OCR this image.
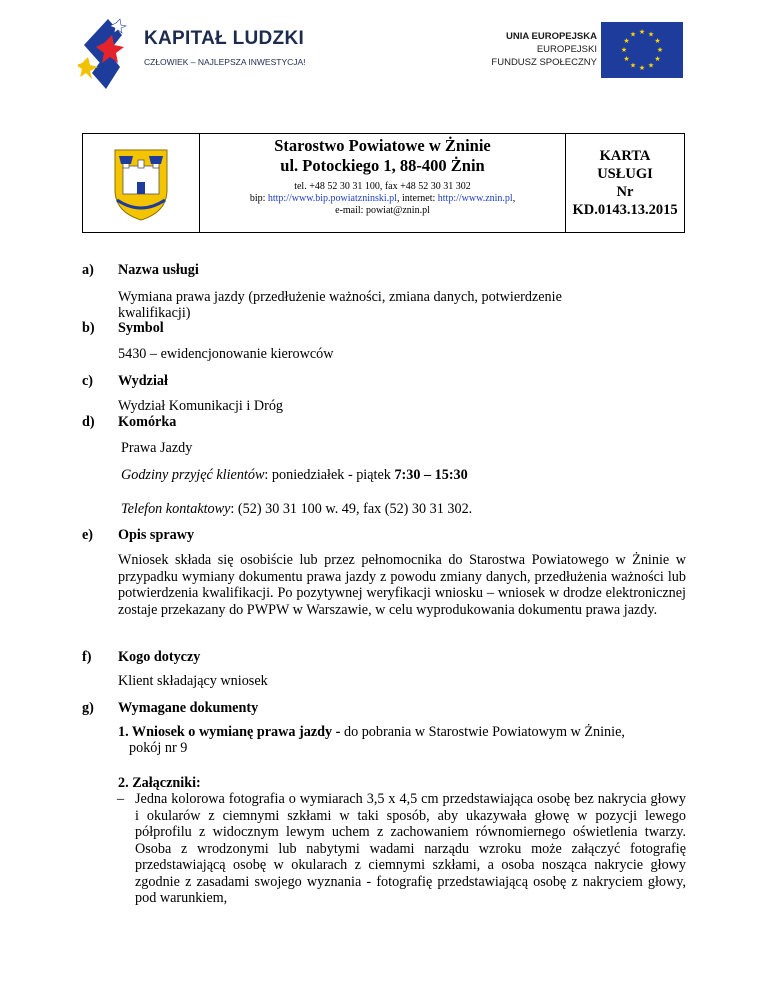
KAPITAŁ LUDZKI
CZŁOWIEK – NAJLEPSZA INWESTYCJA!
UNIA EUROPEJSKA
EUROPEJSKI
FUNDUSZ SPOŁECZNY
★ ★
★
★
★
★
★
★
★
★
★
★
Starostwo Powiatowe w Żninie
ul. Potockiego 1, 88-400 Żnin
tel. +48 52 30 31 100, fax +48 52 30 31 302
bip: http://www.bip.powiatzninski.pl, internet: http://www.znin.pl,
e-mail: powiat@znin.pl
KARTA
USŁUGI
Nr
KD.0143.13.2015
a) Nazwa usługi
Wymiana prawa jazdy (przedłużenie ważności, zmiana danych, potwierdzenie
kwalifikacji)
b) Symbol
5430 – ewidencjonowanie kierowców
c) Wydział
Wydział Komunikacji i Dróg
d) Komórka
Prawa Jazdy
Godziny przyjęć klientów: poniedziałek - piątek 7:30 – 15:30
Telefon kontaktowy: (52) 30 31 100 w. 49, fax (52) 30 31 302.
e) Opis sprawy
Wniosek składa się osobiście lub przez pełnomocnika do Starostwa Powiatowego w Żninie w przypadku wymiany dokumentu prawa jazdy z powodu zmiany danych, przedłużenia ważności lub potwierdzenia kwalifikacji. Po pozytywnej weryfikacji wniosku – wniosek w drodze elektronicznej zostaje przekazany do PWPW w Warszawie, w celu wyprodukowania dokumentu prawa jazdy.
f) Kogo dotyczy
Klient składający wniosek
g) Wymagane dokumenty
1. Wniosek o wymianę prawa jazdy - do pobrania w Starostwie Powiatowym w Żninie,
pokój nr 9
2. Załączniki:
– Jedna kolorowa fotografia o wymiarach 3,5 x 4,5 cm przedstawiająca osobę bez nakrycia głowy i okularów z ciemnymi szkłami w taki sposób, aby ukazywała głowę w pozycji lewego półprofilu z widocznym lewym uchem z zachowaniem równomiernego oświetlenia twarzy. Osoba z wrodzonymi lub nabytymi wadami narządu wzroku może załączyć fotografię przedstawiającą osobę w okularach z ciemnymi szkłami, a osoba nosząca nakrycie głowy zgodnie z zasadami swojego wyznania - fotografię przedstawiającą osobę z nakryciem głowy, pod warunkiem,
